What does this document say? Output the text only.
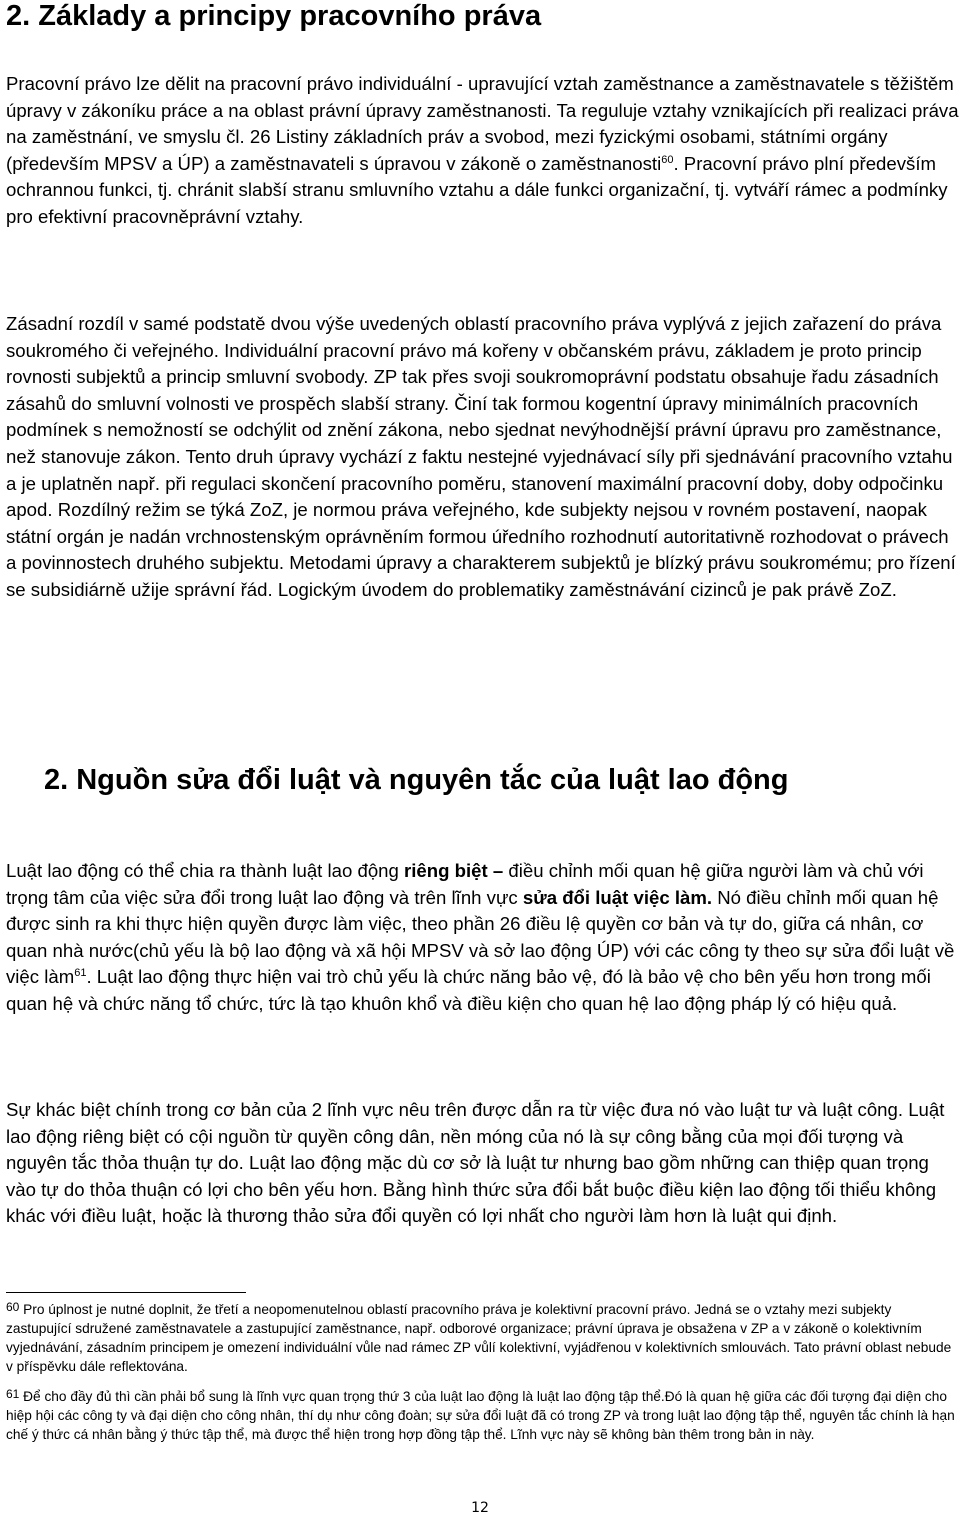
2. Základy a principy pracovního práva

Pracovní právo lze dělit na pracovní právo individuální - upravující vztah zaměstnance a zaměstnavatele s těžištěm úpravy v zákoníku práce a na oblast právní úpravy zaměstnanosti. Ta reguluje vztahy vznikajících při realizaci práva na zaměstnání, ve smyslu čl. 26 Listiny základních práv a svobod, mezi fyzickými osobami, státními orgány (především MPSV a ÚP) a zaměstnavateli s úpravou v zákoně o zaměstnanosti$^{60}$. Pracovní právo plní především ochrannou funkci, tj. chránit slabší stranu smluvního vztahu a dále funkci organizační, tj. vytváří rámec a podmínky pro efektivní pracovněprávní vztahy.

Zásadní rozdíl v samé podstatě dvou výše uvedených oblastí pracovního práva vyplývá z jejich zařazení do práva soukromého či veřejného. Individuální pracovní právo má kořeny v občanském právu, základem je proto princip rovnosti subjektů a princip smluvní svobody. ZP tak přes svoji soukromoprávní podstatu obsahuje řadu zásadních zásahů do smluvní volnosti ve prospěch slabší strany. Činí tak formou kogentní úpravy minimálních pracovních podmínek s nemožností se odchýlit od znění zákona, nebo sjednat nevýhodnější právní úpravu pro zaměstnance, než stanovuje zákon. Tento druh úpravy vychází z faktu nestejné vyjednávací síly při sjednávání pracovního vztahu a je uplatněn např. při regulaci skončení pracovního poměru, stanovení maximální pracovní doby, doby odpočinku apod. Rozdílný režim se týká ZoZ, je normou práva veřejného, kde subjekty nejsou v rovném postavení, naopak státní orgán je nadán vrchnostenským oprávněním formou úředního rozhodnutí autoritativně rozhodovat o právech a povinnostech druhého subjektu. Metodami úpravy a charakterem subjektů je blízký právu soukromému; pro řízení se subsidiárně užije správní řád. Logickým úvodem do problematiky zaměstnávání cizinců je pak právě ZoZ.

2. Nguồn sửa đổi luật và nguyên tắc của luật lao động

Luật lao động có thể chia ra thành luật lao động riêng biệt – điều chỉnh mối quan hệ giữa người làm và chủ với trọng tâm của việc sửa đổi trong luật lao động và trên lĩnh vực sửa đổi luật việc làm. Nó điều chỉnh mối quan hệ được sinh ra khi thực hiện quyền được làm việc, theo phần 26 điều lệ quyền cơ bản và tự do, giữa cá nhân, cơ quan nhà nước(chủ yếu là bộ lao động và xã hội MPSV và sở lao động ÚP) với các công ty theo sự sửa đổi luật về việc làm$^{61}$. Luật lao động thực hiện vai trò chủ yếu là chức năng bảo vệ, đó là bảo vệ cho bên yếu hơn trong mối quan hệ và chức năng tổ chức, tức là tạo khuôn khổ và điều kiện cho quan hệ lao động pháp lý có hiệu quả.

Sự khác biệt chính trong cơ bản của 2 lĩnh vực nêu trên được dẫn ra từ việc đưa nó vào luật tư và luật công. Luật lao động riêng biệt có cội nguồn từ quyền công dân, nền móng của nó là sự công bằng của mọi đối tượng và nguyên tắc thỏa thuận tự do. Luật lao động mặc dù cơ sở là luật tư nhưng bao gồm những can thiệp quan trọng vào tự do thỏa thuận có lợi cho bên yếu hơn. Bằng hình thức sửa đổi bắt buộc điều kiện lao động tối thiểu không khác với điều luật, hoặc là thương thảo sửa đổi quyền có lợi nhất cho người làm hơn là luật qui định.

$^{60}$ Pro úplnost je nutné doplnit, že třetí a neopomenutelnou oblastí pracovního práva je kolektivní pracovní právo. Jedná se o vztahy mezi subjekty zastupující sdružené zaměstnavatele a zastupující zaměstnance, např. odborové organizace; právní úprava je obsažena v ZP a v zákoně o kolektivním vyjednávání, zásadním principem je omezení individuální vůle nad rámec ZP vůlí kolektivní, vyjádřenou v kolektivních smlouvách. Tato právní oblast nebude v příspěvku dále reflektována.

$^{61}$ Để cho đầy đủ thì cần phải bổ sung là lĩnh vực quan trọng thứ 3 của luật lao động là luật lao động tập thể.Đó là quan hệ giữa các đối tượng đại diện cho hiệp hội các công ty và đại diện cho công nhân, thí dụ như công đoàn; sự sửa đổi luật đã có trong ZP và trong luật lao động tập thể, nguyên tắc chính là hạn chế ý thức cá nhân bằng ý thức tập thể, mà được thể hiện trong hợp đồng tập thể. Lĩnh vực này sẽ không bàn thêm trong bản in này.

12
